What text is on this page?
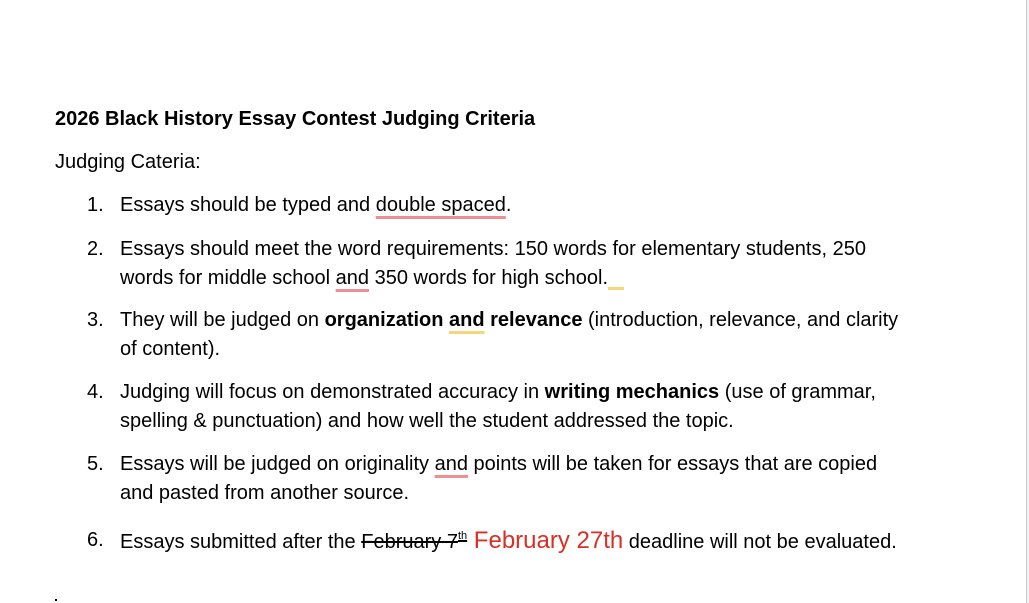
2026 Black History Essay Contest Judging Criteria
Judging Cateria:
1. Essays should be typed and double spaced.
2. Essays should meet the word requirements: 150 words for elementary students, 250 words for middle school and 350 words for high school.
3. They will be judged on organization and relevance (introduction, relevance, and clarity of content).
4. Judging will focus on demonstrated accuracy in writing mechanics (use of grammar, spelling & punctuation) and how well the student addressed the topic.
5. Essays will be judged on originality and points will be taken for essays that are copied and pasted from another source.
6. Essays submitted after the February 7th February 27th deadline will not be evaluated.
